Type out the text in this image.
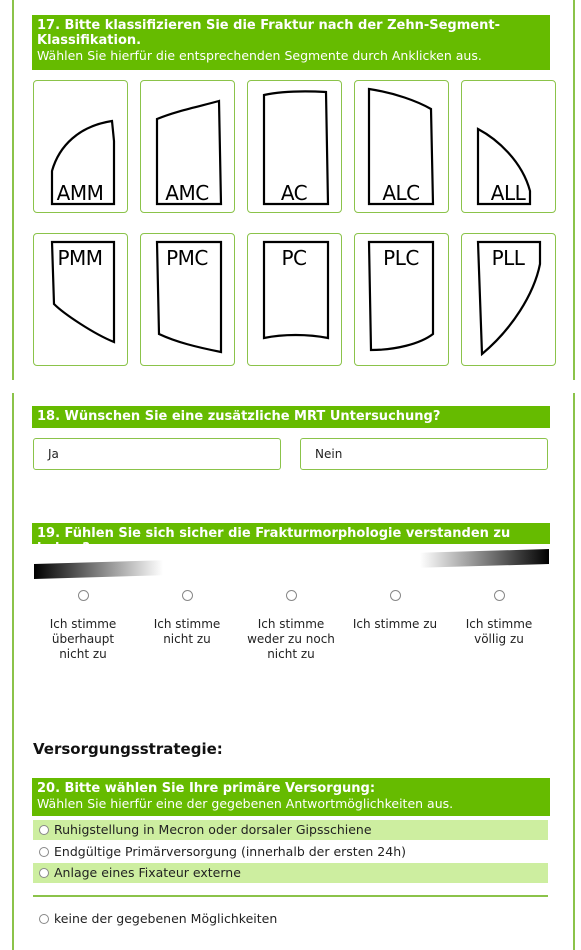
17. Bitte klassifizieren Sie die Fraktur nach der Zehn-Segment-Klassifikation.
Wählen Sie hierfür die entsprechenden Segmente durch Anklicken aus.
AMM	AMC	AC	ALC	ALL
PMM	PMC	PC	PLC	PLL
18. Wünschen Sie eine zusätzliche MRT Untersuchung?
Ja	Nein
19. Fühlen Sie sich sicher die Frakturmorphologie verstanden zu haben?
Ich stimme überhaupt nicht zu
Ich stimme nicht zu
Ich stimme weder zu noch nicht zu
Ich stimme zu	Ich stimme völlig zu
Versorgungsstrategie:
20. Bitte wählen Sie Ihre primäre Versorgung:
Wählen Sie hierfür eine der gegebenen Antwortmöglichkeiten aus.
Ruhigstellung in Mecron oder dorsaler Gipsschiene
Endgültige Primärversorgung (innerhalb der ersten 24h)
Anlage eines Fixateur externe
keine der gegebenen Möglichkeiten
